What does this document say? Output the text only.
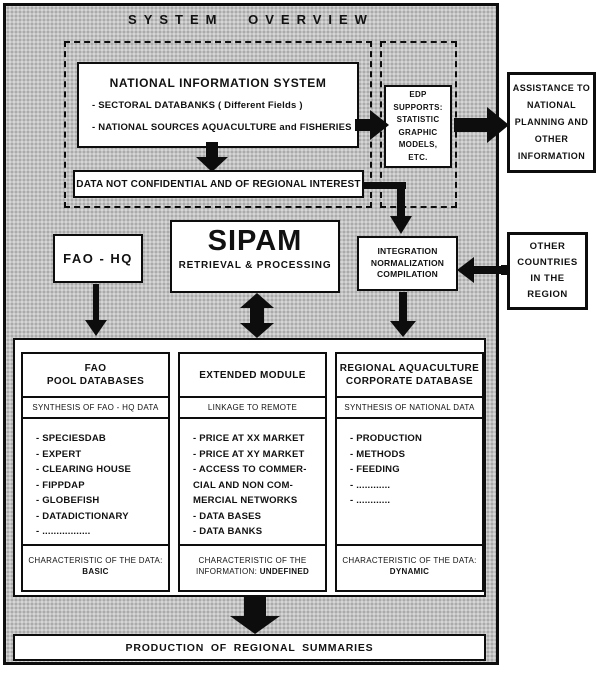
SYSTEM OVERVIEW
NATIONAL INFORMATION SYSTEM
- SECTORAL DATABANKS ( Different Fields )
- NATIONAL SOURCES AQUACULTURE and FISHERIES
DATA NOT CONFIDENTIAL AND OF REGIONAL INTEREST
EDP
SUPPORTS:
STATISTIC
GRAPHIC
MODELS,
ETC.
ASSISTANCE TO
NATIONAL
PLANNING AND
OTHER
INFORMATION
FAO - HQ
SIPAM
RETRIEVAL & PROCESSING
INTEGRATION
NORMALIZATION
COMPILATION
OTHER
COUNTRIES
IN THE
REGION
FAO
POOL DATABASES
SYNTHESIS OF FAO - HQ DATA
- SPECIESDAB
- EXPERT
- CLEARING HOUSE
- FIPPDAP
- GLOBEFISH
- DATADICTIONARY
- .................
CHARACTERISTIC OF THE DATA:
BASIC
EXTENDED MODULE
LINKAGE TO REMOTE
- PRICE AT XX MARKET
- PRICE AT XY MARKET
- ACCESS TO COMMER-
CIAL AND NON COM-
MERCIAL NETWORKS
- DATA BASES
- DATA BANKS
CHARACTERISTIC OF THE
INFORMATION: UNDEFINED
REGIONAL AQUACULTURE
CORPORATE DATABASE
SYNTHESIS OF NATIONAL DATA
- PRODUCTION
- METHODS
- FEEDING
- ............
- ............
CHARACTERISTIC OF THE DATA:
DYNAMIC
PRODUCTION OF REGIONAL SUMMARIES
